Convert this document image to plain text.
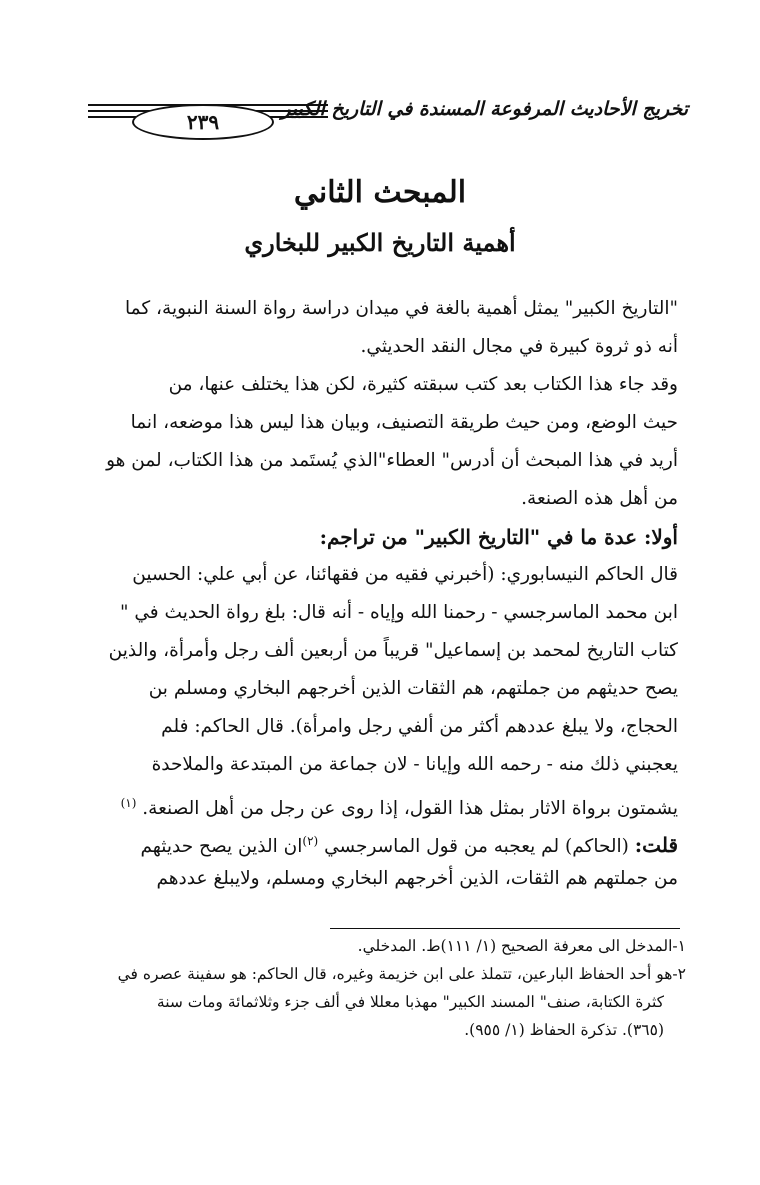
٢٣٩
تخريج الأحاديث المرفوعة المسندة في التاريخ الكبير
المبحث الثاني
أهمية التاريخ الكبير للبخاري
"التاريخ الكبير" يمثل أهمية بالغة في ميدان دراسة رواة السنة النبوية، كما
أنه ذو ثروة كبيرة في مجال النقد الحديثي.
وقد جاء هذا الكتاب بعد كتب سبقته كثيرة، لكن هذا يختلف عنها، من
حيث الوضع، ومن حيث طريقة التصنيف، وبيان هذا ليس هذا موضعه، انما
أريد في هذا المبحث أن أدرس" العطاء"الذي يُستَمد من هذا الكتاب، لمن هو
من أهل هذه الصنعة.
أولا: عدة ما في "التاريخ الكبير" من تراجم:
قال الحاكم النيسابوري: (أخبرني فقيه من فقهائنا، عن أبي علي: الحسين
ابن محمد الماسرجسي - رحمنا الله وإياه - أنه قال: بلغ رواة الحديث في "
كتاب التاريخ لمحمد بن إسماعيل" قريباً من أربعين ألف رجل وأمرأة، والذين
يصح حديثهم من جملتهم، هم الثقات الذين أخرجهم البخاري ومسلم بن
الحجاج، ولا يبلغ عددهم أكثر من ألفي رجل وامرأة). قال الحاكم: فلم
يعجبني ذلك منه - رحمه الله وإيانا - لان جماعة من المبتدعة والملاحدة
يشمتون برواة الاثار بمثل هذا القول، إذا روى عن رجل من أهل الصنعة. $^{(١)}$
قلت: (الحاكم) لم يعجبه من قول الماسرجسي $^{(٢)}$ان الذين يصح حديثهم
من جملتهم هم الثقات، الذين أخرجهم البخاري ومسلم، ولايبلغ عددهم
١-المدخل الى معرفة الصحيح (١/ ١١١)ط. المدخلي.
٢-هو أحد الحفاظ البارعين، تتملذ على ابن خزيمة وغيره، قال الحاكم: هو سفينة عصره في
كثرة الكتابة، صنف" المسند الكبير" مهذبا معللا في ألف جزء وثلاثمائة ومات سنة
(٣٦٥). تذكرة الحفاظ (١/ ٩٥٥).
